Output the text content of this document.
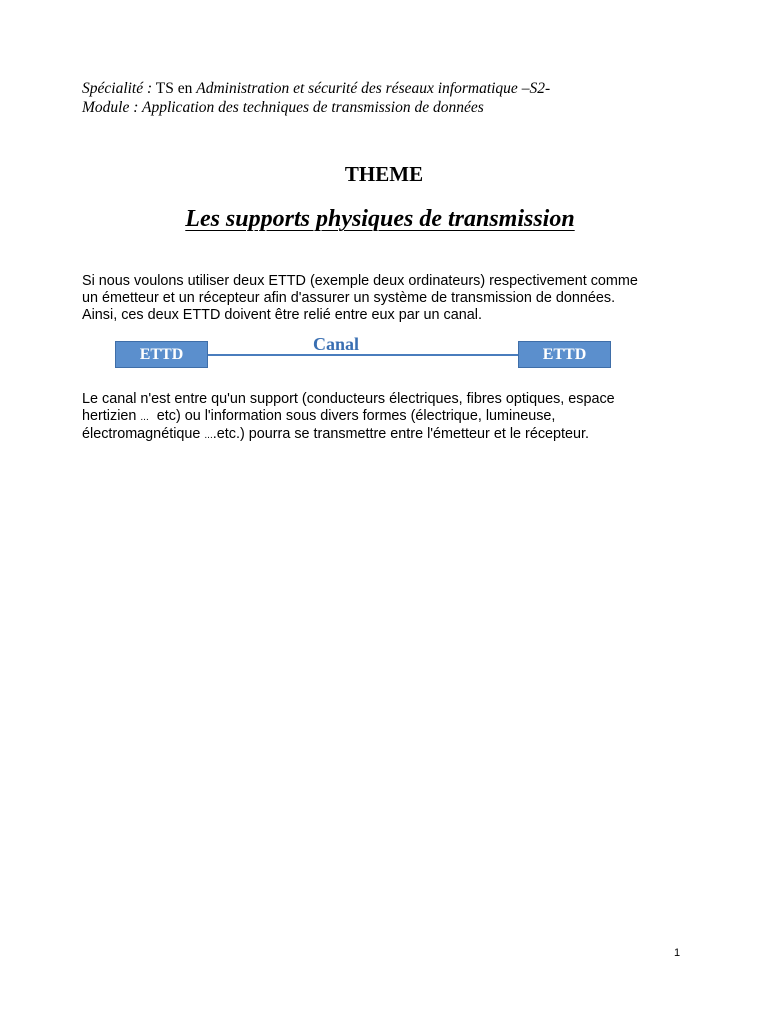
Spécialité : TS en Administration et sécurité des réseaux informatique –S2-
Module : Application des techniques de transmission de données
THEME
Les supports physiques de transmission
Si nous voulons utiliser deux ETTD (exemple deux ordinateurs) respectivement comme
un émetteur et un récepteur afin d'assurer un système de transmission de données.
Ainsi, ces deux ETTD doivent être relié entre eux par un canal.
ETTD
Canal
ETTD
Le canal n'est entre qu'un support (conducteurs électriques, fibres optiques, espace
hertizien ...  etc) ou l'information sous divers formes (électrique, lumineuse,
électromagnétique ....etc.) pourra se transmettre entre l'émetteur et le récepteur.
1
